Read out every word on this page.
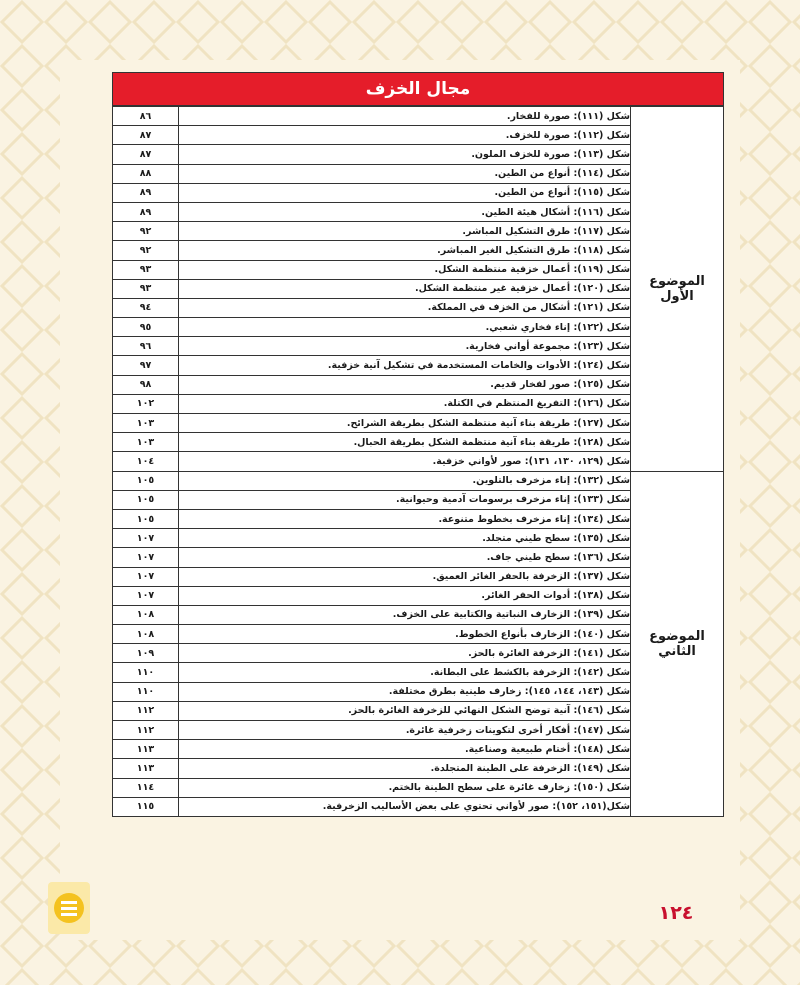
مجال الخزف
الموضوع الأول	شكل (١١١): صورة للفخار.	٨٦
	شكل (١١٢): صورة للخزف.	٨٧
	شكل (١١٣): صورة للخزف الملون.	٨٧
	شكل (١١٤): أنواع من الطين.	٨٨
	شكل (١١٥): أنواع من الطين.	٨٩
	شكل (١١٦): أشكال هيئة الطين.	٨٩
	شكل (١١٧): طرق التشكيل المباشر.	٩٢
	شكل (١١٨): طرق التشكيل الغير المباشر.	٩٢
	شكل (١١٩): أعمال خزفية منتظمة الشكل.	٩٣
	شكل (١٢٠): أعمال خزفية غير منتظمة الشكل.	٩٣
	شكل (١٢١): أشكال من الخزف في المملكة.	٩٤
	شكل (١٢٢): إناء فخاري شعبي.	٩٥
	شكل (١٢٣): مجموعة أواني فخارية.	٩٦
	شكل (١٢٤): الأدوات والخامات المستخدمة في تشكيل آنية خزفية.	٩٧
	شكل (١٢٥): صور لفخار قديم.	٩٨
	شكل (١٢٦): التفريغ المنتظم في الكتلة.	١٠٢
	شكل (١٢٧): طريقة بناء آنية منتظمة الشكل بطريقة الشرائح.	١٠٣
	شكل (١٢٨): طريقة بناء آنية منتظمة الشكل بطريقة الحبال.	١٠٣
	شكل (١٢٩، ١٣٠، ١٣١): صور لأواني خزفية.	١٠٤
الموضوع الثاني	شكل (١٣٢): إناء مزخرف بالتلوين.	١٠٥
	شكل (١٣٣): إناء مزخرف برسومات آدمية وحيوانية.	١٠٥
	شكل (١٣٤): إناء مزخرف بخطوط متنوعة.	١٠٥
	شكل (١٣٥): سطح طيني متجلد.	١٠٧
	شكل (١٣٦): سطح طيني جاف.	١٠٧
	شكل (١٣٧): الزخرفة بالحفر الغائر العميق.	١٠٧
	شكل (١٣٨): أدوات الحفر الغائر.	١٠٧
	شكل (١٣٩): الزخارف النباتية والكتابية على الخزف.	١٠٨
	شكل (١٤٠): الزخارف بأنواع الخطوط.	١٠٨
	شكل (١٤١): الزخرفة الغائرة بالحز.	١٠٩
	شكل (١٤٢): الزخرفة بالكشط على البطانة.	١١٠
	شكل (١٤٣، ١٤٤، ١٤٥): زخارف طينية بطرق مختلفة.	١١٠
	شكل (١٤٦): آنية توضح الشكل النهائي للزخرفة الغائرة بالحز.	١١٢
	شكل (١٤٧): أفكار أخرى لتكوينات زخرفية غائرة.	١١٢
	شكل (١٤٨): أختام طبيعية وصناعية.	١١٣
	شكل (١٤٩): الزخرفة على الطينة المتجلدة.	١١٣
	شكل (١٥٠): زخارف غائرة على سطح الطينة بالختم.	١١٤
	شكل(١٥١، ١٥٢): صور لأواني تحتوي على بعض الأساليب الزخرفية.	١١٥
١٢٤
